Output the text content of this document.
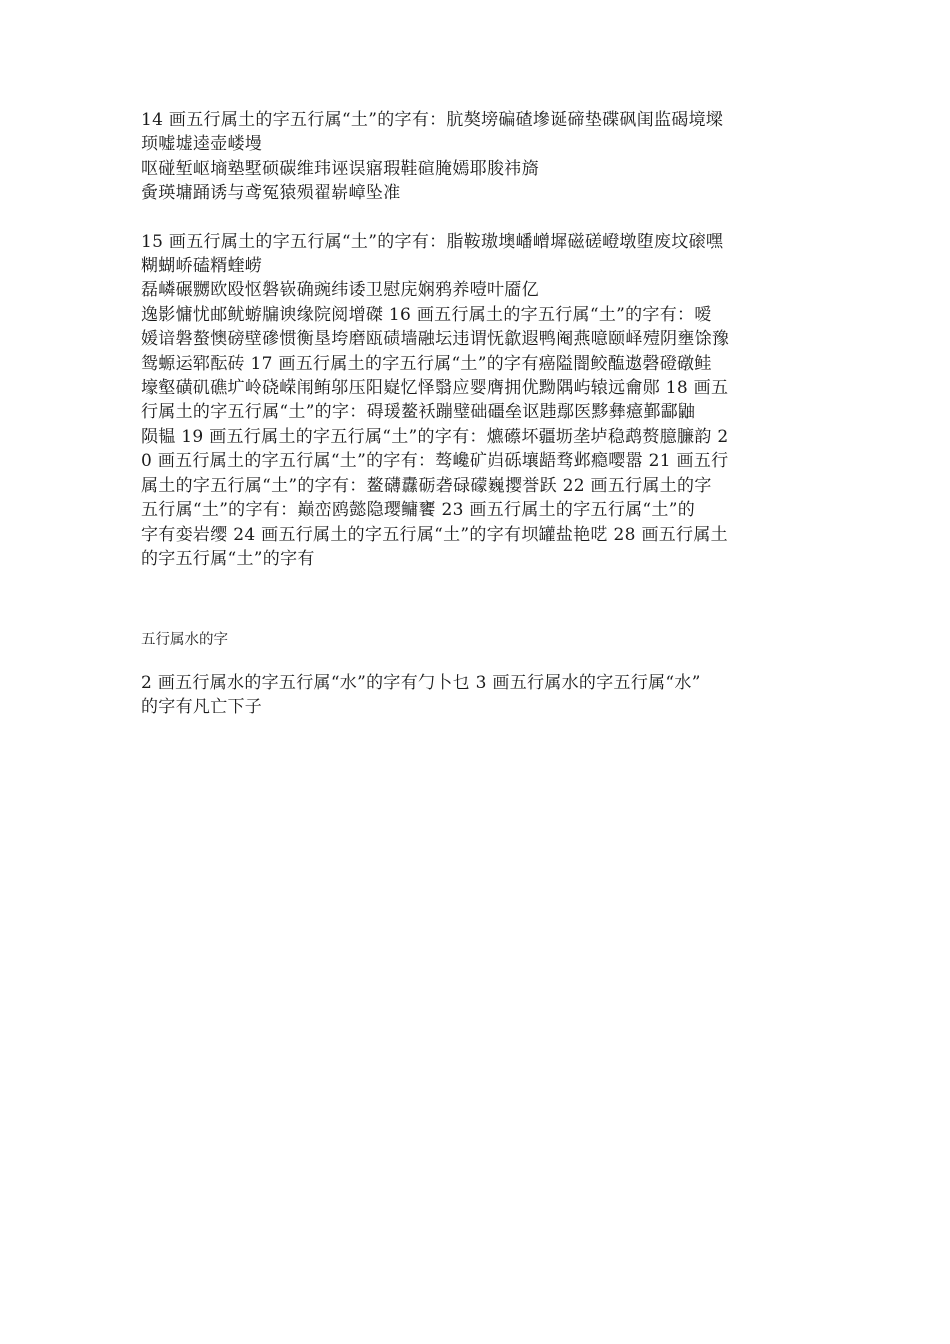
14 画五行属土的字五行属“土”的字有：肮獒塝碥碴墋诞碲垫碟砜闺监碣境墚
顼嘘墟逵壶嵝墁
呕碰堑岖墒塾墅硕碳维玮诬误寤瑕鞋碹腌嫣耶朘祎旖
夤瑛墉踊诱与鸢冤猿殒翟崭嶂坠准

15 画五行属土的字五行属“土”的字有：脂鞍璈墺嶓嶒墀磁磋嶝墩堕废坟磙嘿
糊蝴峤磕糈蝰崂
磊嶙碾嬲欧殴怄磐嵚确豌纬诿卫慰庑娴鸦养噎叶靥亿
逸影慵忧邮鱿蝣牖谀缘院阅增磔 16 画五行属土的字五行属“土”的字有：嗳
媛谙磐螯懊磅壁磣惯衡垦垮磨瓯碛墙融坛违谓怃歙遐鸭阉燕噫颐峄殪阴壅馀豫
鸳螈运郓酝砖 17 画五行属土的字五行属“土”的字有癌隘闇鲛醢遨磬磴礅鲑
壕壑磺矶礁圹岭硗嵘闱鲔邬压阳嶷忆怿翳应婴膺拥优黝隅屿辕远龠郧 18 画五
行属土的字五行属“土”的字：碍瑗鳌袄蹦璧础礓垒讴韪鄢医黟彝癔鄞酃鼬
陨韫 19 画五行属土的字五行属“土”的字有：爊礤坏疆坜垄垆稳鹉赘臆臁韵 2
0 画五行属土的字五行属“土”的字有：骜巉矿岿砾壤龉骛邺瘾嘤嚣 21 画五行
属土的字五行属“土”的字有：鳌礴纛砺砻碌礞巍撄誉跃 22 画五行属土的字
五行属“土”的字有：巅峦鸥懿隐璎鳙饔 23 画五行属土的字五行属“土”的
字有娈岩缨 24 画五行属土的字五行属“土”的字有坝罐盐艳呓 28 画五行属土
的字五行属“土”的字有

五行属水的字

2 画五行属水的字五行属“水”的字有勹卜乜 3 画五行属水的字五行属“水”
的字有凡亡下子
